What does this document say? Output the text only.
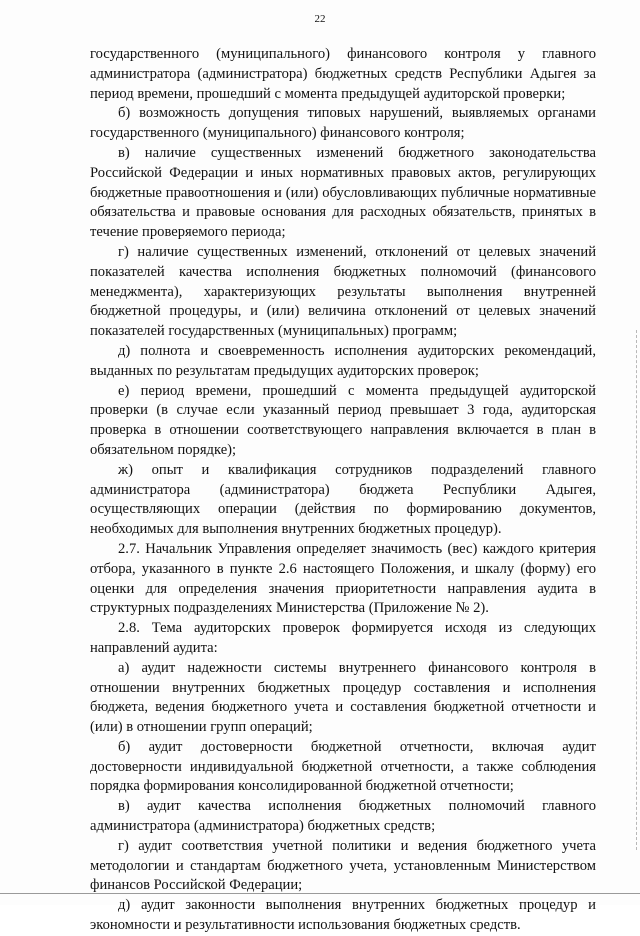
22

государственного (муниципального) финансового контроля у главного администратора (администратора) бюджетных средств Республики Адыгея за период времени, прошедший с момента предыдущей аудиторской проверки;

б) возможность допущения типовых нарушений, выявляемых органами государственного (муниципального) финансового контроля;

в) наличие существенных изменений бюджетного законодательства Российской Федерации и иных нормативных правовых актов, регулирующих бюджетные правоотношения и (или) обусловливающих публичные нормативные обязательства и правовые основания для расходных обязательств, принятых в течение проверяемого периода;

г) наличие существенных изменений, отклонений от целевых значений показателей качества исполнения бюджетных полномочий (финансового менеджмента), характеризующих результаты выполнения внутренней бюджетной процедуры, и (или) величина отклонений от целевых значений показателей государственных (муниципальных) программ;

д) полнота и своевременность исполнения аудиторских рекомендаций, выданных по результатам предыдущих аудиторских проверок;

е) период времени, прошедший с момента предыдущей аудиторской проверки (в случае если указанный период превышает 3 года, аудиторская проверка в отношении соответствующего направления включается в план в обязательном порядке);

ж) опыт и квалификация сотрудников подразделений главного администратора (администратора) бюджета Республики Адыгея, осуществляющих операции (действия по формированию документов, необходимых для выполнения внутренних бюджетных процедур).

2.7. Начальник Управления определяет значимость (вес) каждого критерия отбора, указанного в пункте 2.6 настоящего Положения, и шкалу (форму) его оценки для определения значения приоритетности направления аудита в структурных подразделениях Министерства (Приложение № 2).

2.8. Тема аудиторских проверок формируется исходя из следующих направлений аудита:

а) аудит надежности системы внутреннего финансового контроля в отношении внутренних бюджетных процедур составления и исполнения бюджета, ведения бюджетного учета и составления бюджетной отчетности и (или) в отношении групп операций;

б) аудит достоверности бюджетной отчетности, включая аудит достоверности индивидуальной бюджетной отчетности, а также соблюдения порядка формирования консолидированной бюджетной отчетности;

в) аудит качества исполнения бюджетных полномочий главного администратора (администратора) бюджетных средств;

г) аудит соответствия учетной политики и ведения бюджетного учета методологии и стандартам бюджетного учета, установленным Министерством финансов Российской Федерации;

д) аудит законности выполнения внутренних бюджетных процедур и экономности и результативности использования бюджетных средств.
